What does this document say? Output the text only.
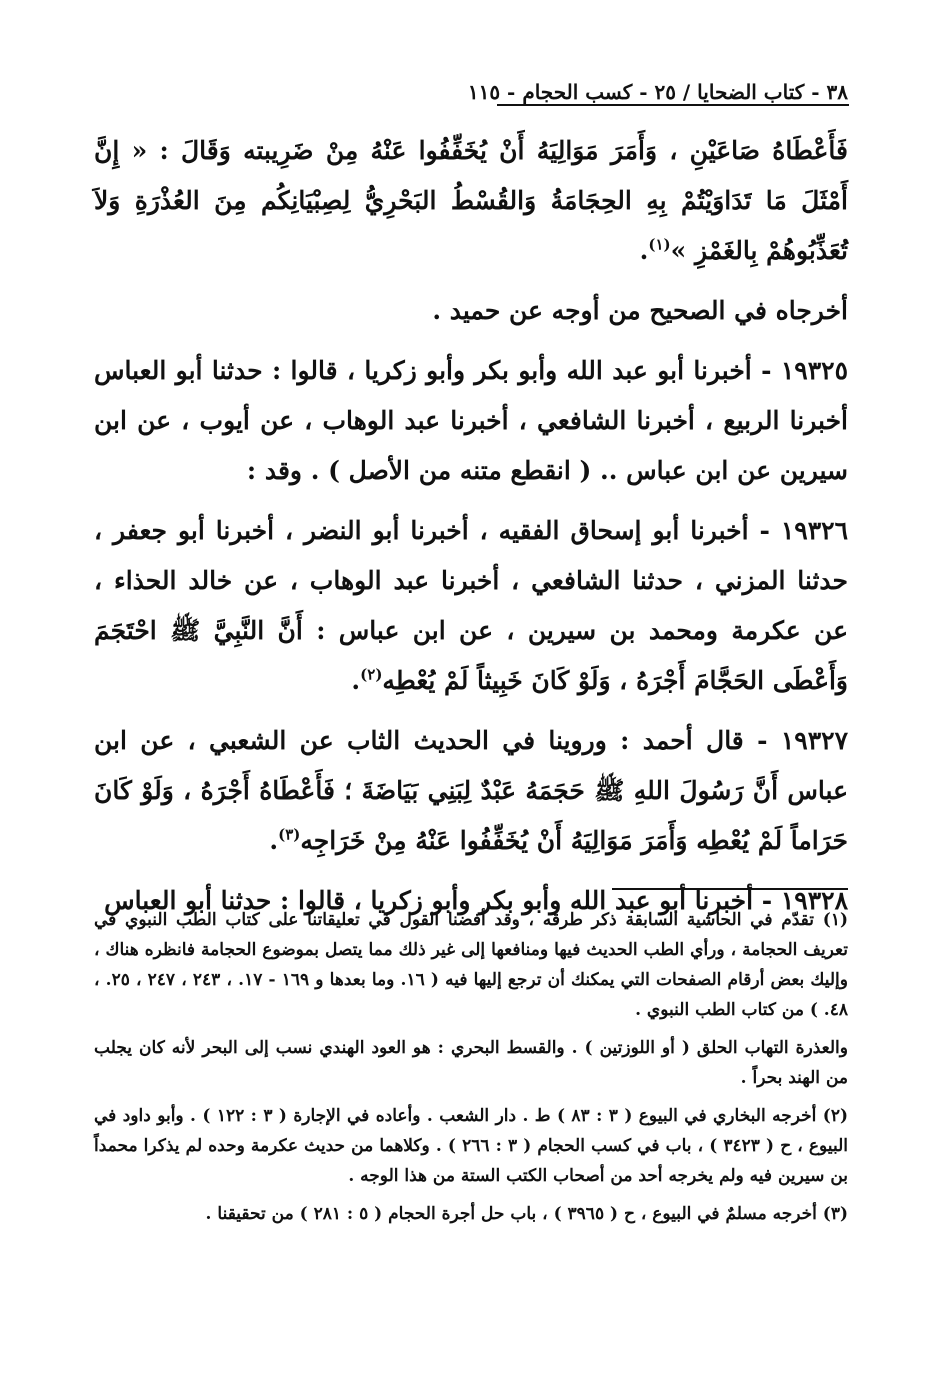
٣٨ - كتاب الضحايا / ٢٥ - كسب الحجام - ١١٥

فَأَعْطَاهُ صَاعَيْنِ ، وَأَمَرَ مَوَالِيَهُ أَنْ يُخَفِّفُوا عَنْهُ مِنْ ضَرِيبته وَقَالَ : « إِنَّ أَمْثَلَ مَا تَدَاوَيْتُمْ بِهِ الحِجَامَةُ وَالقُسْطُ البَحْرِيُّ لِصِبْيَانِكُم مِنَ العُذْرَةِ وَلاَ تُعَذِّبُوهُمْ بِالغَمْزِ »$^{(١)}$.

أخرجاه في الصحيح من أوجه عن حميد .

١٩٣٢٥ - أخبرنا أبو عبد الله وأبو بكر وأبو زكريا ، قالوا : حدثنا أبو العباس أخبرنا الربيع ، أخبرنا الشافعي ، أخبرنا عبد الوهاب ، عن أيوب ، عن ابن سيرين عن ابن عباس .. ( انقطع متنه من الأصل ) . وقد :

١٩٣٢٦ - أخبرنا أبو إسحاق الفقيه ، أخبرنا أبو النضر ، أخبرنا أبو جعفر ، حدثنا المزني ، حدثنا الشافعي ، أخبرنا عبد الوهاب ، عن خالد الحذاء ، عن عكرمة ومحمد بن سيرين ، عن ابن عباس : أَنَّ النَّبِيَّ ﷺ احْتَجَمَ وَأَعْطَى الحَجَّامَ أَجْرَهُ ، وَلَوْ كَانَ خَبِيثاً لَمْ يُعْطِه$^{(٢)}$.

١٩٣٢٧ - قال أحمد : وروينا في الحديث الثاب عن الشعبي ، عن ابن عباس أَنَّ رَسُولَ اللهِ ﷺ حَجَمَهُ عَبْدٌ لِبَنِي بَيَاضَةَ ؛ فَأَعْطَاهُ أَجْرَهُ ، وَلَوْ كَانَ حَرَاماً لَمْ يُعْطِه وَأَمَرَ مَوَالِيَهُ أَنْ يُخَفِّفُوا عَنْهُ مِنْ خَرَاجِه$^{(٣)}$.

١٩٣٢٨ - أخبرنا أبو عبد الله وأبو بكر وأبو زكريا ، قالوا : حدثنا أبو العباس

(١) تقدّم في الحاشية السابقة ذكر طرقه ، وقد أفضنا القول في تعليقاتنا على كتاب الطب النبوي في تعريف الحجامة ، ورأي الطب الحديث فيها ومنافعها إلى غير ذلك مما يتصل بموضوع الحجامة فانظره هناك ، وإليك بعض أرقام الصفحات التي يمكنك أن ترجع إليها فيه ( ١٦. وما بعدها و ١٦٩ - ١٧. ، ٢٤٣ ، ٢٤٧ ، ٢٥. ، ٤٨. ) من كتاب الطب النبوي .

والعذرة التهاب الحلق ( أو اللوزتين ) . والقسط البحري : هو العود الهندي نسب إلى البحر لأنه كان يجلب من الهند بحراً .

(٢) أخرجه البخاري في البيوع ( ٣ : ٨٣ ) ط . دار الشعب . وأعاده في الإجارة ( ٣ : ١٢٢ ) . وأبو داود في البيوع ، ح ( ٣٤٢٣ ) ، باب في كسب الحجام ( ٣ : ٢٦٦ ) . وكلاهما من حديث عكرمة وحده لم يذكرا محمداً بن سيرين فيه ولم يخرجه أحد من أصحاب الكتب الستة من هذا الوجه .

(٣) أخرجه مسلمٌ في البيوع ، ح ( ٣٩٦٥ ) ، باب حل أجرة الحجام ( ٥ : ٢٨١ ) من تحقيقنا .
